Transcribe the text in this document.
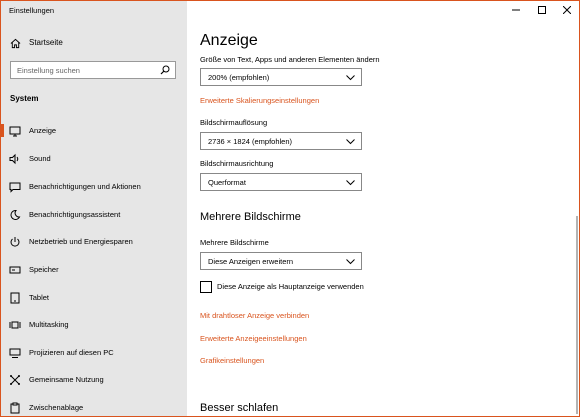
Einstellungen
Startseite
Einstellung suchen
System
Anzeige
Sound
Benachrichtigungen und Aktionen
Benachrichtigungsassistent
Netzbetrieb und Energiesparen
Speicher
Tablet
Multitasking
Projizieren auf diesen PC
Gemeinsame Nutzung
Zwischenablage
Anzeige
Größe von Text, Apps und anderen Elementen ändern
200% (empfohlen)
Erweiterte Skalierungseinstellungen
Bildschirmauflösung
2736 × 1824 (empfohlen)
Bildschirmausrichtung
Querformat
Mehrere Bildschirme
Mehrere Bildschirme
Diese Anzeigen erweitern
Diese Anzeige als Hauptanzeige verwenden
Mit drahtloser Anzeige verbinden
Erweiterte Anzeigeeinstellungen
Grafikeinstellungen
Besser schlafen
